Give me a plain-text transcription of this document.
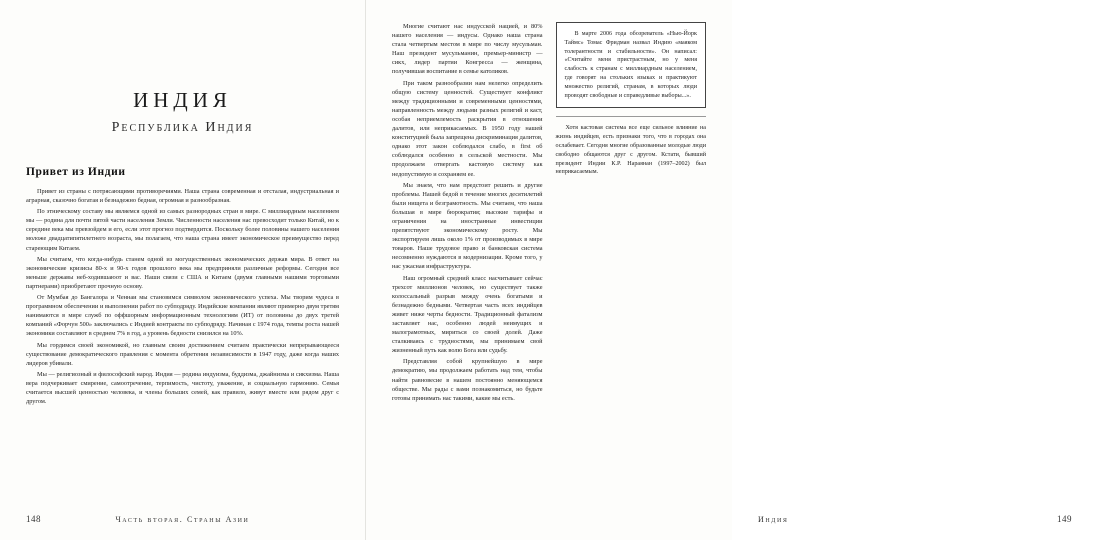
ИНДИЯ
Республика Индия
Привет из Индии

Привет из страны с потрясающими противоречиями. Наша страна современная и отсталая, индустриальная и аграрная, сказочно богатая и безнадежно бедная, огромная и разнообразная.

По этническому составу мы являемся одной из самых разнородных стран в мире. С миллиардным населением мы — родина для почти пятой части населения Земли. Численности населения нас превосходит только Китай, но к середине века мы превзойдем и его, если этот прогноз подтвердится. Поскольку более половины нашего населения моложе двадцатипятилетнего возраста, мы полагаем, что наша страна имеет экономическое преимущество перед стареющим Китаем.

Мы считаем, что когда-нибудь станем одной из могущественных экономических держав мира. В ответ на экономические кризисы 80-х и 90-х годов прошлого века мы предприняли различные реформы. Сегодня все меньше державы неб-ходившаюот и вас. Наши связи с США и Китаем (двумя главными нашими торговыми партнерами) приобретают прочную основу.

От Мумбая до Бангалора и Ченнаи мы становимся символом экономического успеха. Мы творим чудеса в программном обеспечении и выполнении работ по субподряду. Индийские компании являют примерно двум третям нанимаются в мире служб по оффшорным информационным технологиям (ИТ) от половины до двух третей компаний «Форчун 500» заключались с Индией контракты по субподряду. Начиная с 1974 года, темпы роста нашей экономики составляют в среднем 7% в год, а уровень бедности снизился на 10%.

Мы гордимся своей экономикой, но главным своим достижением считаем практически непрерывающееся существование демократического правления с момента обретения независимости в 1947 году, даже когда наших лидеров убивали.

Мы — религиозный и философский народ. Индия — родина индуизма, буддизма, джайнизма и сикхизма. Наша вера подчеркивает смирение, самоотречение, терпимость, чистоту, уважение, и социальную гармонию. Семья считается высшей ценностью человека, и члены больших семей, как правило, живут вместе или рядом друг с другом.

148	Часть вторая. Страны Азии

Многие считают нас индусской нацией, и 80% нашего населения — индусы. Однако наша страна стала четвертым местом в мире по числу мусульман. Наш президент мусульманин, премьер-министр — сикх, лидер партии Конгресса — женщина, получившая воспитание в семье католиков.

При таком разнообразии нам нелегко определить общую систему ценностей. Существует конфликт между традиционными и современными ценностями, направленность между людьми разных религий и каст, особая неприемлемость раскрытия в отношении далитов, или неприкасаемых. В 1950 году нашей конституцией была запрещена дискриминация далитов, однако этот закон соблюдался слабо, в first об соблюдался особенно в сельской местности. Мы продолжаем отвергать кастовую систему как недопустимую и сохраняем ее.

Мы знаем, что нам предстоит решить и другие проблемы. Нашей бедой в течение многих десятилетий были нищета и безграмотность. Мы считаем, что наша большая в мире бюрократия; высокие тарифы и ограничения на иностранные инвестиции препятствуют экономическому росту. Мы экспортируем лишь около 1% от производимых в мире товаров. Наше трудовое право и банковская система несомненно нуждаются в модернизации. Кроме того, у нас ужасная инфраструктура.

Наш огромный средний класс насчитывает сейчас трехсот миллионов человек, но существует также колоссальный разрыв между очень богатыми и безнадежно бедными. Четвертая часть всех индийцев живет ниже черты бедности. Традиционный фатализм заставляет нас, особенно людей неимущих и малограмотных, мириться со своей долей. Даже сталкиваясь с трудностями, мы принимаем свой жизненный путь как волю Бога или судьбу.

Представляя собой крупнейшую в мире демократию, мы продолжаем работать над тем, чтобы найти равновесие в нашем постоянно меняющемся обществе. Мы рады с вами познакомиться, но будьте готовы принимать нас такими, какие мы есть.

В марте 2006 года обозреватель «Нью-Йорк Таймс» Томас Фридман назвал Индию «маяком толерантности и стабильности». Он написал: «Считайте меня пристрастным, но у меня слабость к странам с миллиардным населением, где говорят на стольких языках и практикуют множество религий, странам, в которых люди проводят свободные и справедливые выборы...».

Хотя кастовая система все еще сильное влияние на жизнь индийцев, есть признаки того, что в городах она ослабевает. Сегодня многие образованные молодые люди свободно общаются друг с другом. Кстати, бывший президент Индии К.Р. Нараянан (1997–2002) был неприкасаемым.

Индия	149
